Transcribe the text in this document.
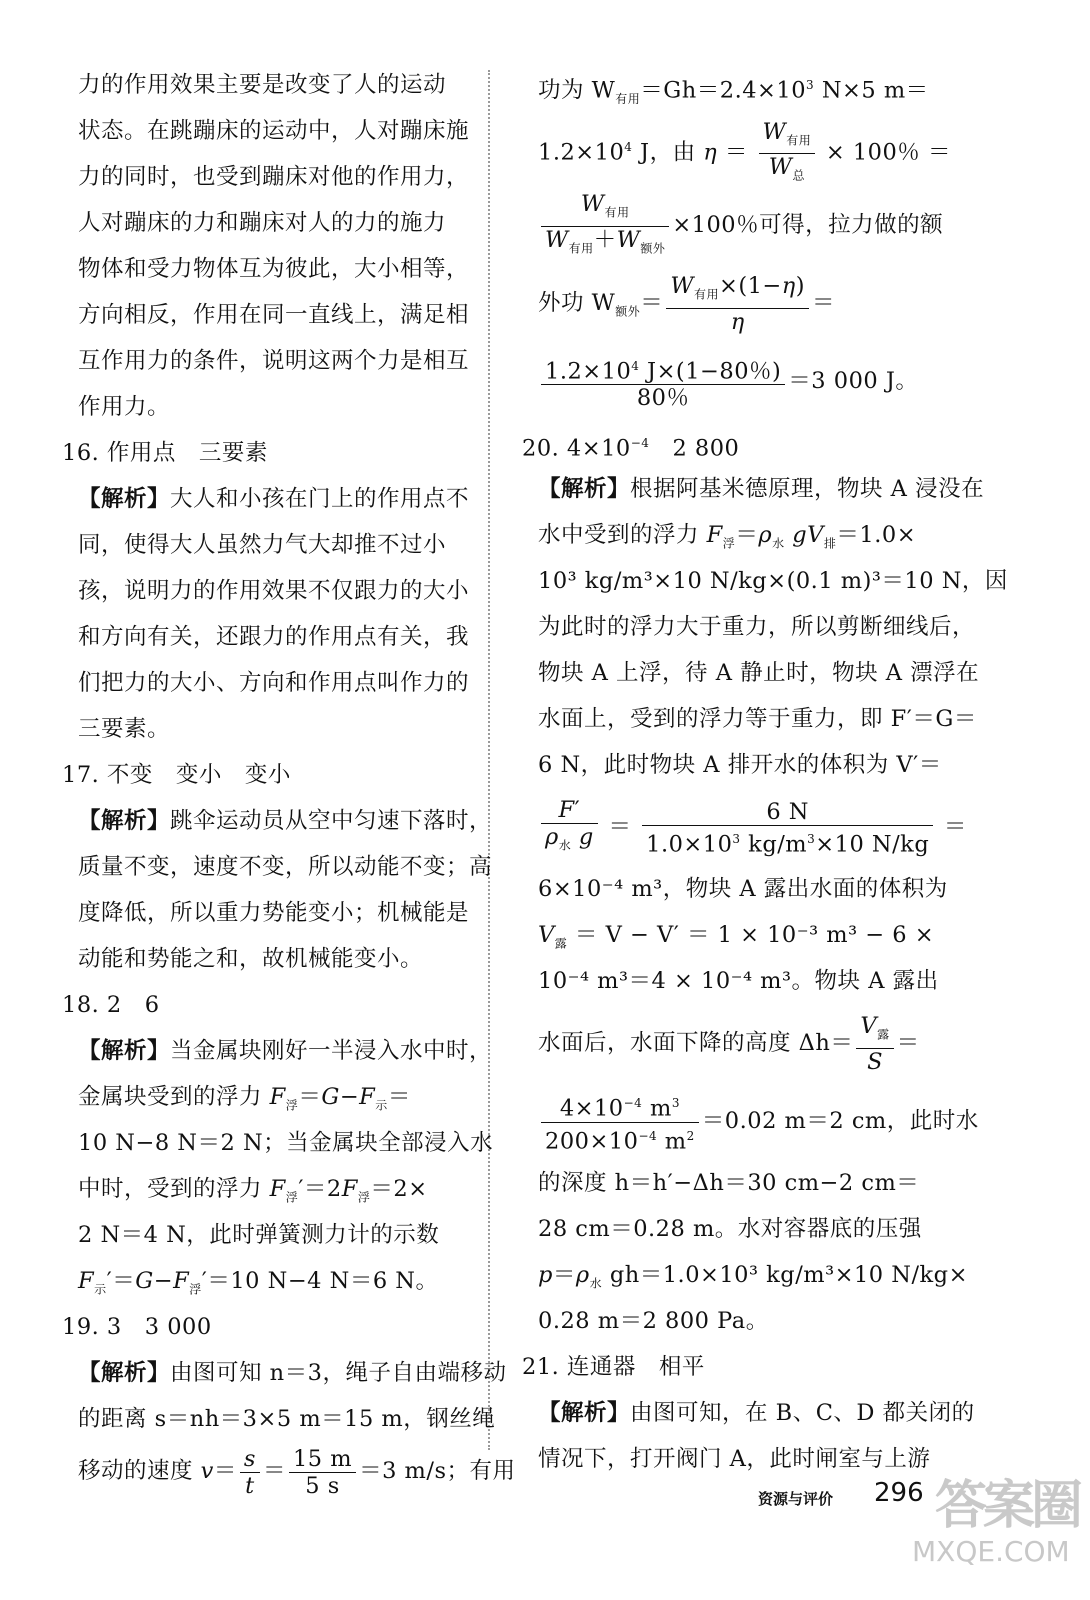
力的作用效果主要是改变了人的运动
状态。在跳蹦床的运动中，人对蹦床施
力的同时，也受到蹦床对他的作用力，
人对蹦床的力和蹦床对人的力的施力
物体和受力物体互为彼此，大小相等，
方向相反，作用在同一直线上，满足相
互作用力的条件，说明这两个力是相互
作用力。
16. 作用点　三要素
【解析】大人和小孩在门上的作用点不
同，使得大人虽然力气大却推不过小
孩，说明力的作用效果不仅跟力的大小
和方向有关，还跟力的作用点有关，我
们把力的大小、方向和作用点叫作力的
三要素。
17. 不变　变小　变小
【解析】跳伞运动员从空中匀速下落时，
质量不变，速度不变，所以动能不变；高
度降低，所以重力势能变小；机械能是
动能和势能之和，故机械能变小。
18. 2　6
【解析】当金属块刚好一半浸入水中时，
金属块受到的浮力 $F_浮=G-F_示=$
10 N−8 N＝2 N；当金属块全部浸入水
中时，受到的浮力 $F_浮'=2F_浮=2\times$
2 N＝4 N，此时弹簧测力计的示数
$F_示'=G-F_浮'=10$ N−4 N＝6 N。
19. 3　3 000
【解析】由图可知 n＝3，绳子自由端移动
的距离 s＝nh＝3×5 m＝15 m，钢丝绳
移动的速度 $v= \frac{s}{t} = \frac{15 m}{5 s} =3$ m/s；有用
功为 $W_{有用}=Gh=2.4\times 10^3$ N×5 m＝
$1.2\times 10^4$ J，由 $\eta = \frac{W_{有用}}{W_总} \times 100$％ ＝
$\frac{W_{有用}}{W_{有用}+W_{额外}} \times 100$％可得，拉力做的额
外功 $W_{额外}= \frac{W_{有用}\times(1-\eta)}{\eta}$ ＝
$\frac{1.2\times 10^4 J\times(1-80\%)}{80\%} =3$ 000 J。
20. $4\times 10^{-4}$　2 800
【解析】根据阿基米德原理，物块 A 浸没在
水中受到的浮力 $F_浮=\rho_水$ $gV_排=1.0\times$
10³ kg/m³×10 N/kg×(0.1 m)³＝10 N，因
为此时的浮力大于重力，所以剪断细线后，
物块 A 上浮，待 A 静止时，物块 A 漂浮在
水面上，受到的浮力等于重力，即 F′＝G＝
6 N，此时物块 A 排开水的体积为 V′＝
$\frac{F'}{\rho_水 g} = \frac{6 N}{1.0\times 10^3 kg/m^3\times 10 N/kg}$ ＝
6×10⁻⁴ m³，物块 A 露出水面的体积为
$V_露 = V - V' = 1 \times 10^{-3}$ m³ − 6 ×
10⁻⁴ m³＝4 × 10⁻⁴ m³。物块 A 露出
水面后，水面下降的高度 $\Delta h= \frac{V_露}{S}$ ＝
$\frac{4\times 10^{-4} m^3}{200\times 10^{-4} m^2} =0.02$ m＝2 cm，此时水
的深度 h＝h′−Δh＝30 cm−2 cm＝
28 cm＝0.28 m。水对容器底的压强
$p=\rho_水$ gh＝1.0×10³ kg/m³×10 N/kg×
0.28 m＝2 800 Pa。
21. 连通器　相平
【解析】由图可知，在 B、C、D 都关闭的
情况下，打开阀门 A，此时闸室与上游
资源与评价 296 答案圈
MXQE.COM
